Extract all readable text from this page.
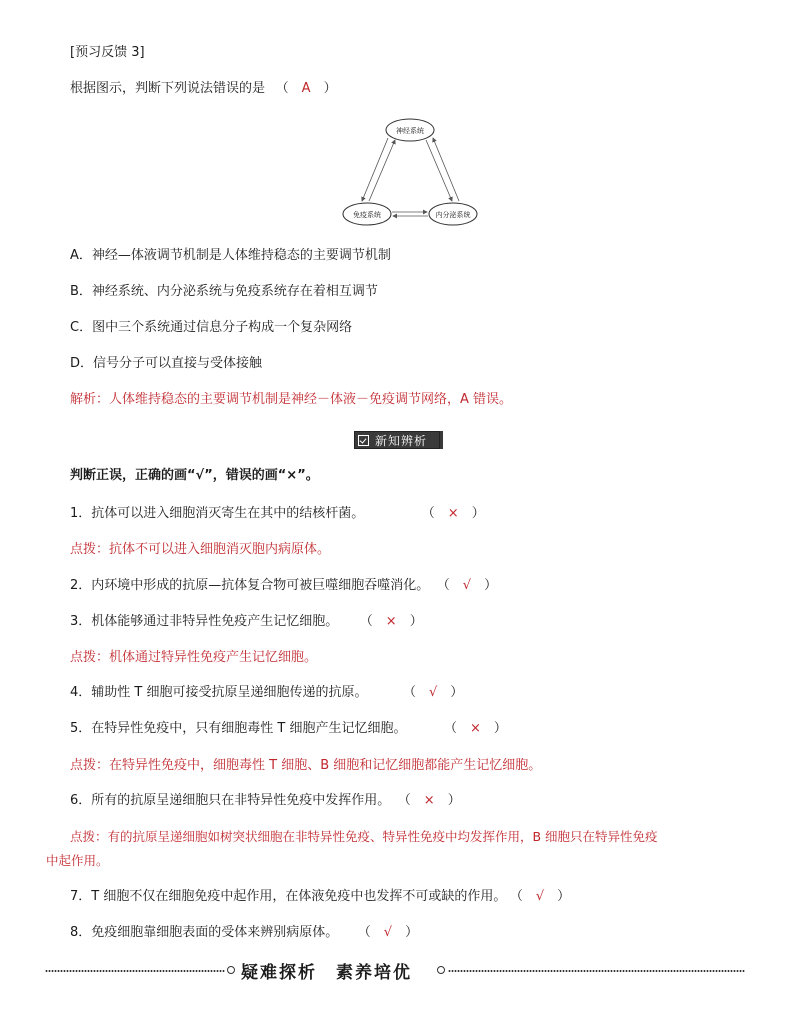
[预习反馈 3]
根据图示，判断下列说法错误的是 　（　A　）
神经系统
免疫系统	内分泌系统
A．神经—体液调节机制是人体维持稳态的主要调节机制
B．神经系统、内分泌系统与免疫系统存在着相互调节
C．图中三个系统通过信息分子构成一个复杂网络
D．信号分子可以直接与受体接触
解析：人体维持稳态的主要调节机制是神经－体液－免疫调节网络，A 错误。
新知辨析
判断正误，正确的画“√”，错误的画“×”。
1．抗体可以进入细胞消灭寄生在其中的结核杆菌。	（　×　）
点拨：抗体不可以进入细胞消灭胞内病原体。
2．内环境中形成的抗原—抗体复合物可被巨噬细胞吞噬消化。 （　√　）
3．机体能够通过非特异性免疫产生记忆细胞。 （　×　）
点拨：机体通过特异性免疫产生记忆细胞。
4．辅助性 T 细胞可接受抗原呈递细胞传递的抗原。	（　√　）
5．在特异性免疫中，只有细胞毒性 T 细胞产生记忆细胞。	（　×　）
点拨：在特异性免疫中，细胞毒性 T 细胞、B 细胞和记忆细胞都能产生记忆细胞。
6．所有的抗原呈递细胞只在非特异性免疫中发挥作用。 （　×　）
点拨：有的抗原呈递细胞如树突状细胞在非特异性免疫、特异性免疫中均发挥作用，B 细胞只在特异性免疫
中起作用。
7．T 细胞不仅在细胞免疫中起作用，在体液免疫中也发挥不可或缺的作用。 （　√　）
8．免疫细胞靠细胞表面的受体来辨别病原体。 （　√　）
疑难探析　素养培优
